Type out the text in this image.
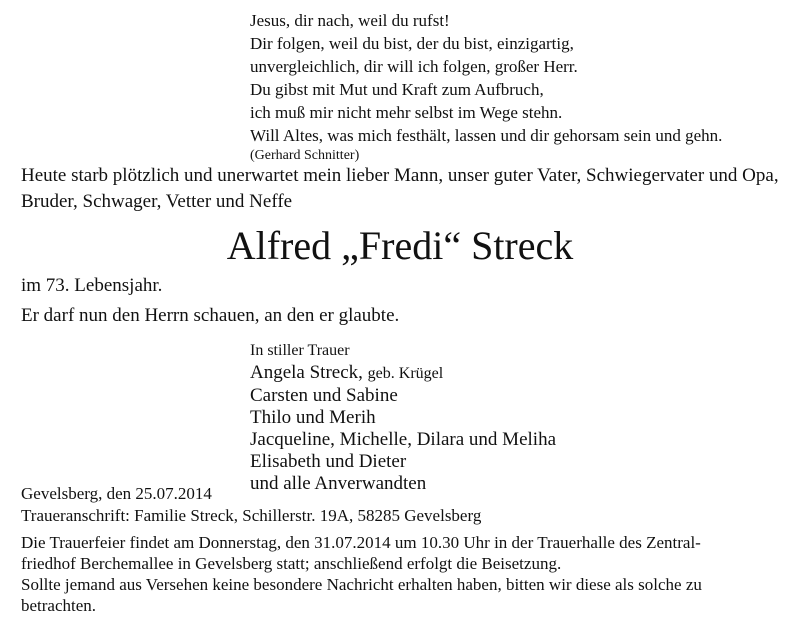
Jesus, dir nach, weil du rufst!
Dir folgen, weil du bist, der du bist, einzigartig,
unvergleichlich, dir will ich folgen, großer Herr.
Du gibst mit Mut und Kraft zum Aufbruch,
ich muß mir nicht mehr selbst im Wege stehn.
Will Altes, was mich festhält, lassen und dir gehorsam sein und gehn.
(Gerhard Schnitter)
Heute starb plötzlich und unerwartet mein lieber Mann, unser guter Vater, Schwiegervater und Opa, Bruder, Schwager, Vetter und Neffe
Alfred „Fredi“ Streck
im 73. Lebensjahr.
Er darf nun den Herrn schauen, an den er glaubte.
In stiller Trauer
Angela Streck, geb. Krügel
Carsten und Sabine
Thilo und Merih
Jacqueline, Michelle, Dilara und Meliha
Elisabeth und Dieter
und alle Anverwandten
Gevelsberg, den 25.07.2014
Traueranschrift: Familie Streck, Schillerstr. 19A, 58285 Gevelsberg
Die Trauerfeier findet am Donnerstag, den 31.07.2014 um 10.30 Uhr in der Trauerhalle des Zentral-
friedhof Berchemallee in Gevelsberg statt; anschließend erfolgt die Beisetzung.
Sollte jemand aus Versehen keine besondere Nachricht erhalten haben, bitten wir diese als solche zu
betrachten.
